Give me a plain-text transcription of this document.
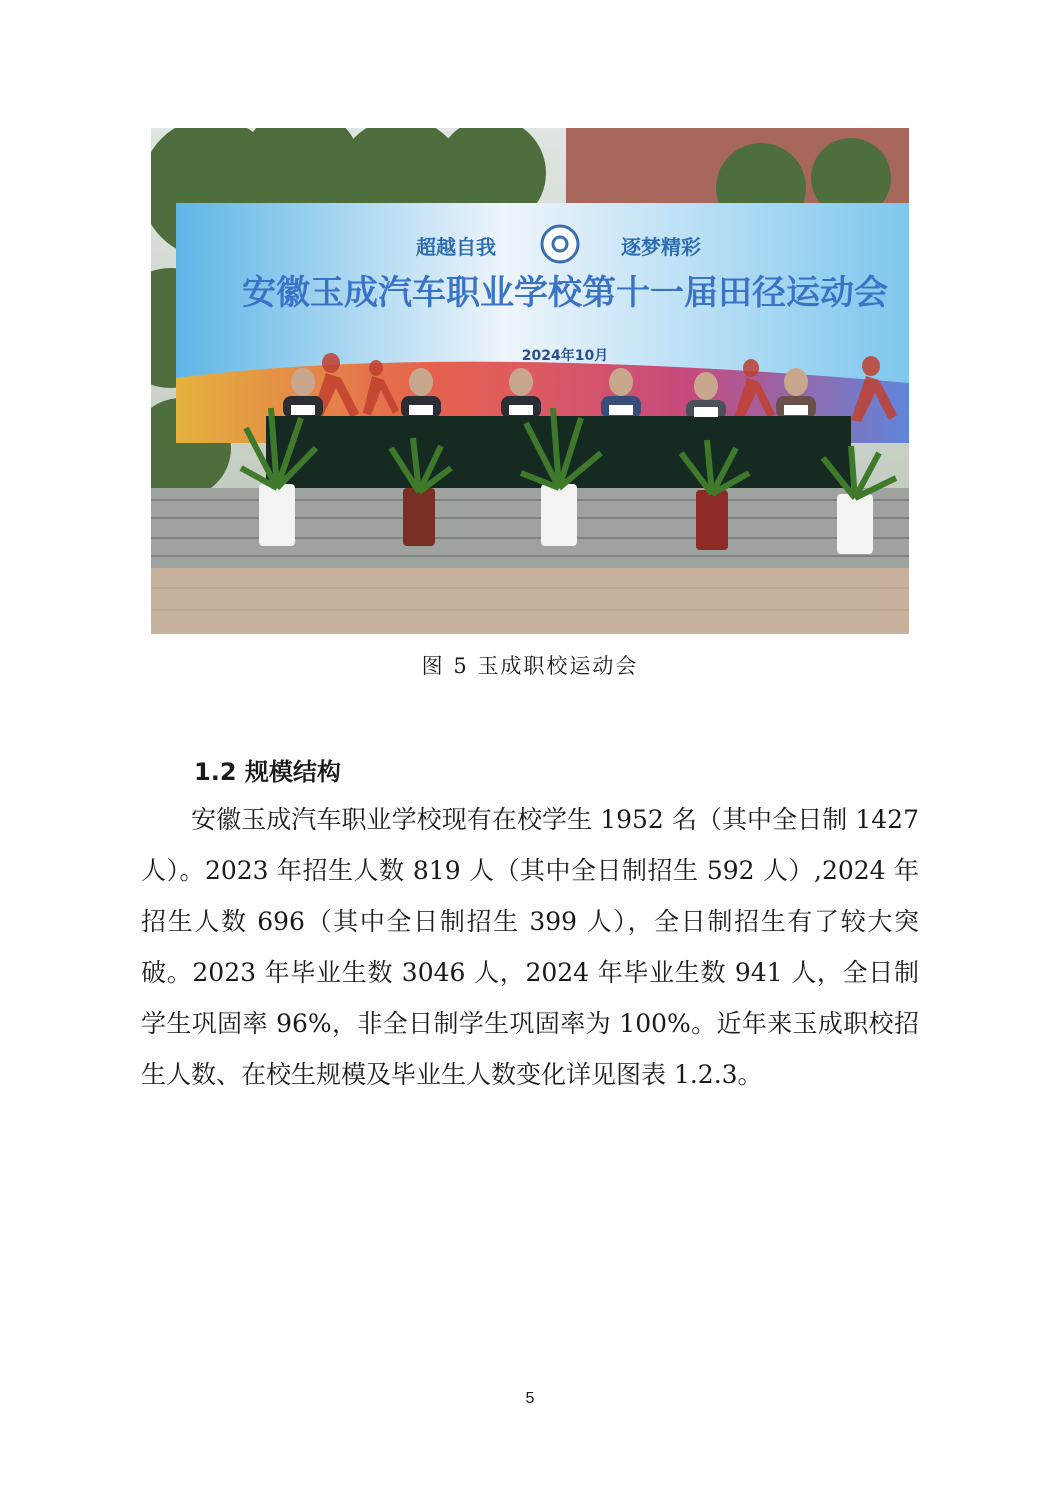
超越自我	逐梦精彩
安徽玉成汽车职业学校第十一届田径运动会
2024年10月
图 5 玉成职校运动会
1.2 规模结构

安徽玉成汽车职业学校现有在校学生 1952 名（其中全日制 1427 人）。2023 年招生人数 819 人（其中全日制招生 592 人）,2024 年招生人数 696（其中全日制招生 399 人），全日制招生有了较大突破。2023 年毕业生数 3046 人，2024 年毕业生数 941 人，全日制学生巩固率 96%，非全日制学生巩固率为 100%。近年来玉成职校招生人数、在校生规模及毕业生人数变化详见图表 1.2.3。

5
